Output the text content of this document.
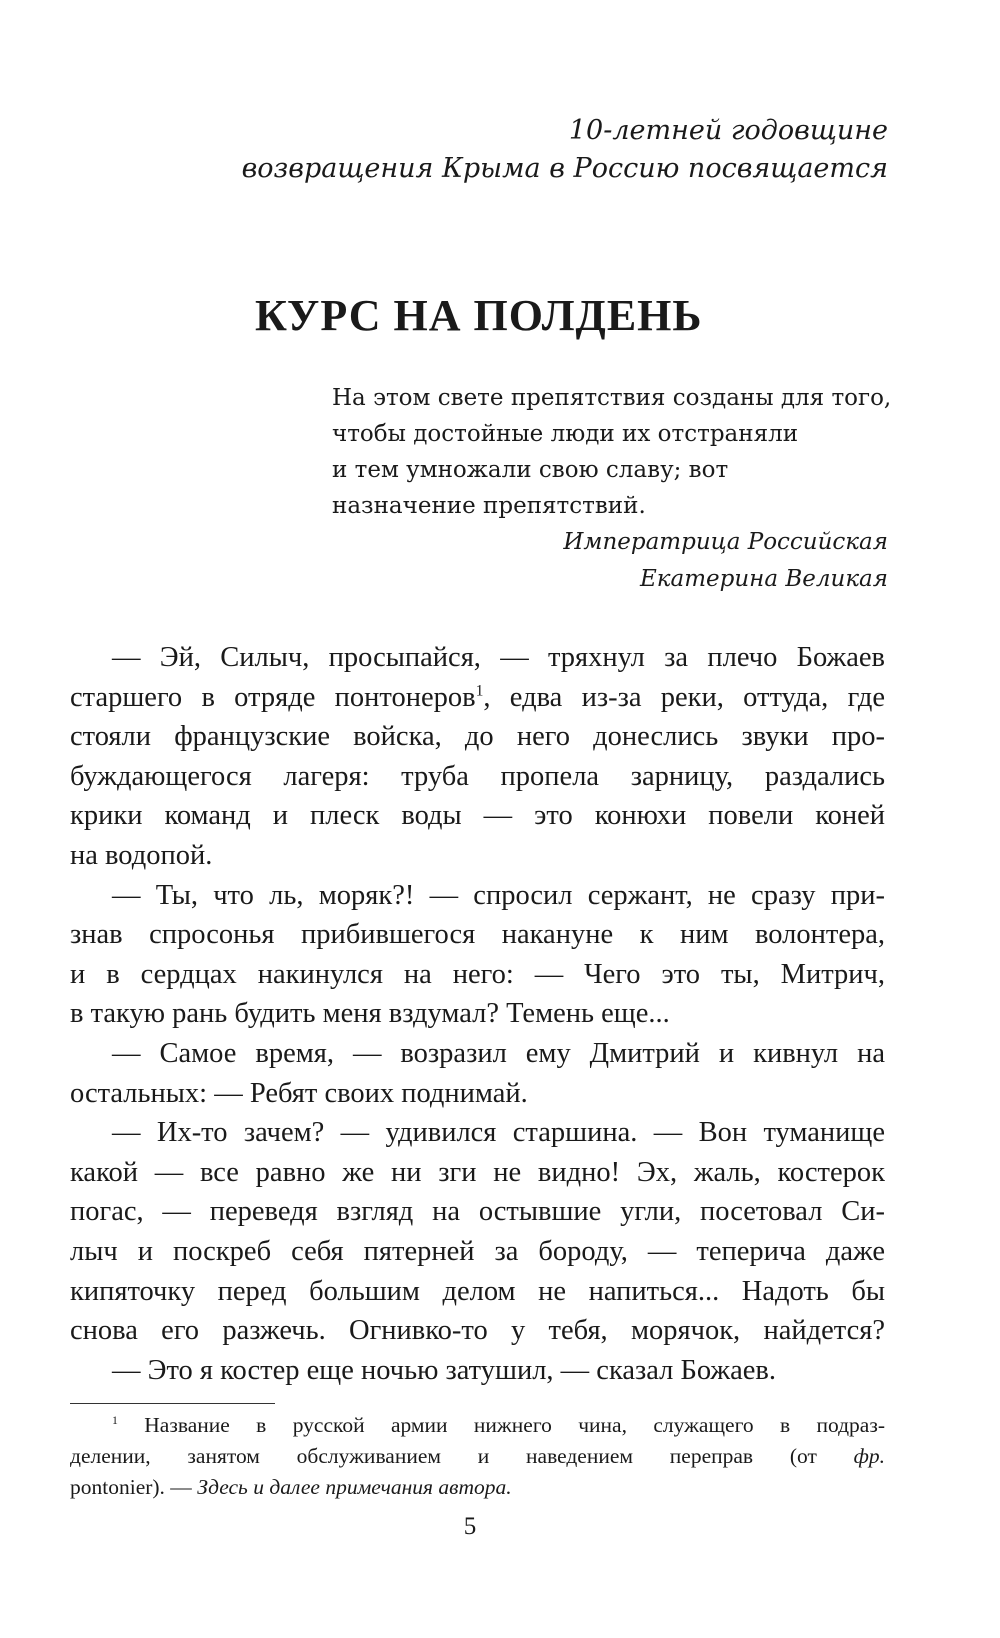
10-летней годовщине
возвращения Крыма в Россию посвящается
КУРС НА ПОЛДЕНЬ
На этом свете препятствия созданы для того,
чтобы достойные люди их отстраняли
и тем умножали свою славу; вот
назначение препятствий.
Императрица Российская
Екатерина Великая
— Эй, Силыч, просыпайся, — тряхнул за плечо Божаев
старшего в отряде понтонеров$^1$, едва из-за реки, оттуда, где
стояли французские войска, до него донеслись звуки про-
буждающегося лагеря: труба пропела зарницу, раздались
крики команд и плеск воды — это конюхи повели коней
на водопой.
— Ты, что ль, моряк?! — спросил сержант, не сразу при-
знав спросонья прибившегося накануне к ним волонтера,
и в сердцах накинулся на него: — Чего это ты, Митрич,
в такую рань будить меня вздумал? Темень еще...
— Самое время, — возразил ему Дмитрий и кивнул на
остальных: — Ребят своих поднимай.
— Их-то зачем? — удивился старшина. — Вон туманище
какой — все равно же ни зги не видно! Эх, жаль, костерок
погас, — переведя взгляд на остывшие угли, посетовал Си-
лыч и поскреб себя пятерней за бороду, — теперича даже
кипяточку перед большим делом не напиться... Надоть бы
снова его разжечь. Огнивко-то у тебя, морячок, найдется?
— Это я костер еще ночью затушил, — сказал Божаев.
$^1$ Название в русской армии нижнего чина, служащего в подраз-
делении, занятом обслуживанием и наведением переправ (от фр.
pontonier). — Здесь и далее примечания автора.
5
